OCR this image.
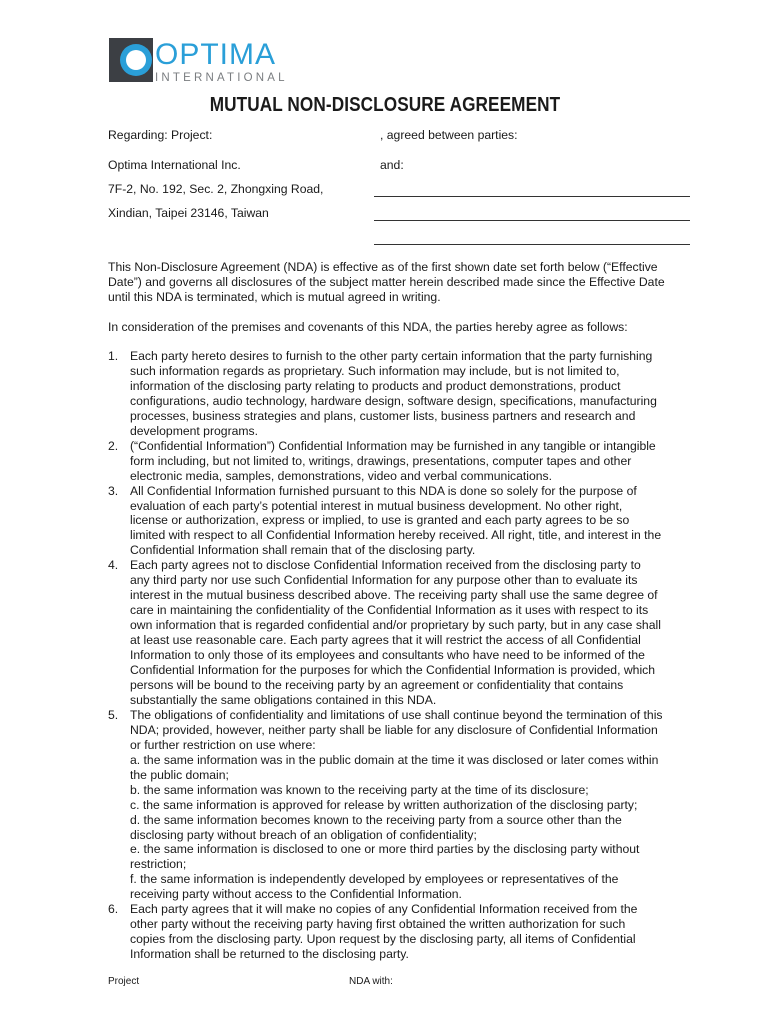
OPTIMA
INTERNATIONAL
MUTUAL NON-DISCLOSURE AGREEMENT

Regarding: Project:	, agreed between parties:

Optima International Inc.	and:

7F-2, No. 192, Sec. 2, Zhongxing Road,

Xindian, Taipei 23146, Taiwan

This Non-Disclosure Agreement (NDA) is effective as of the first shown date set forth below (“Effective Date”) and governs all disclosures of the subject matter herein described made since the Effective Date until this NDA is terminated, which is mutual agreed in writing.

In consideration of the premises and covenants of this NDA, the parties hereby agree as follows:

1. Each party hereto desires to furnish to the other party certain information that the party furnishing such information regards as proprietary. Such information may include, but is not limited to, information of the disclosing party relating to products and product demonstrations, product configurations, audio technology, hardware design, software design, specifications, manufacturing processes, business strategies and plans, customer lists, business partners and research and development programs.
2. (“Confidential Information”) Confidential Information may be furnished in any tangible or intangible form including, but not limited to, writings, drawings, presentations, computer tapes and other electronic media, samples, demonstrations, video and verbal communications.
3. All Confidential Information furnished pursuant to this NDA is done so solely for the purpose of evaluation of each party’s potential interest in mutual business development. No other right, license or authorization, express or implied, to use is granted and each party agrees to be so limited with respect to all Confidential Information hereby received. All right, title, and interest in the Confidential Information shall remain that of the disclosing party.
4. Each party agrees not to disclose Confidential Information received from the disclosing party to any third party nor use such Confidential Information for any purpose other than to evaluate its interest in the mutual business described above. The receiving party shall use the same degree of care in maintaining the confidentiality of the Confidential Information as it uses with respect to its own information that is regarded confidential and/or proprietary by such party, but in any case shall at least use reasonable care. Each party agrees that it will restrict the access of all Confidential Information to only those of its employees and consultants who have need to be informed of the Confidential Information for the purposes for which the Confidential Information is provided, which persons will be bound to the receiving party by an agreement or confidentiality that contains substantially the same obligations contained in this NDA.
5. The obligations of confidentiality and limitations of use shall continue beyond the termination of this NDA; provided, however, neither party shall be liable for any disclosure of Confidential Information or further restriction on use where:
a. the same information was in the public domain at the time it was disclosed or later comes within the public domain;
b. the same information was known to the receiving party at the time of its disclosure;
c. the same information is approved for release by written authorization of the disclosing party;
d. the same information becomes known to the receiving party from a source other than the disclosing party without breach of an obligation of confidentiality;
e. the same information is disclosed to one or more third parties by the disclosing party without restriction;
f. the same information is independently developed by employees or representatives of the receiving party without access to the Confidential Information.
6. Each party agrees that it will make no copies of any Confidential Information received from the other party without the receiving party having first obtained the written authorization for such copies from the disclosing party. Upon request by the disclosing party, all items of Confidential Information shall be returned to the disclosing party.

Project	NDA with:
